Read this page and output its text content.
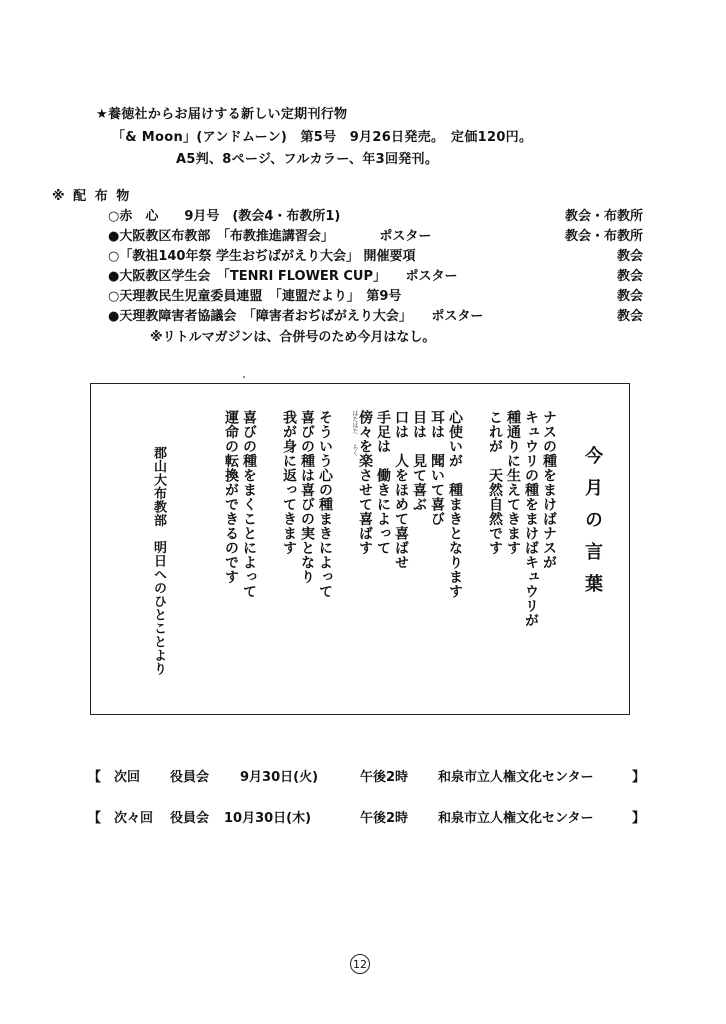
★養徳社からお届けする新しい定期刊行物
「& Moon」(アンドムーン)　第5号　9月26日発売。　定価120円。
A5判、8ページ、フルカラー、年3回発刊。
※ 配 布 物
○赤　心　　9月号　(教会4・布教所1)	教会・布教所
●大阪教区布教部　「布教推進講習会」　　　　ポスター	教会・布教所
○「教祖140年祭 学生おぢばがえり大会」 開催要項	教会
●大阪教区学生会　「TENRI FLOWER CUP」　　ポスター	教会
○天理教民生児童委員連盟　「連盟だより」　第9号	教会
●天理教障害者協議会　「障害者おぢばがえり大会」　　ポスター	教会
※リトルマガジンは、合併号のため今月はなし。
今月の言葉
ナスの種をまけばナスが
キュウリの種をまけばキュウリが
種通りに生えてきます
これが　天然自然です
心使いが　種まきとなります
耳は　聞いて喜び
目は　見て喜ぶ
口は　人をほめて喜ばせ
手足は　働きによって
傍々を楽させて喜ばす
はたはた
らく
そういう心の種まきによって
喜びの種は喜びの実となり
我が身に返ってきます
喜びの種をまくことによって
運命の転換ができるのです
郡山大布教部　明日へのひとことより
【 次回 役員会 9月30日(火)	午後2時 和泉市立人権文化センター	】
【 次々回 役員会 10月30日(木)	午後2時 和泉市立人権文化センター	】
12
